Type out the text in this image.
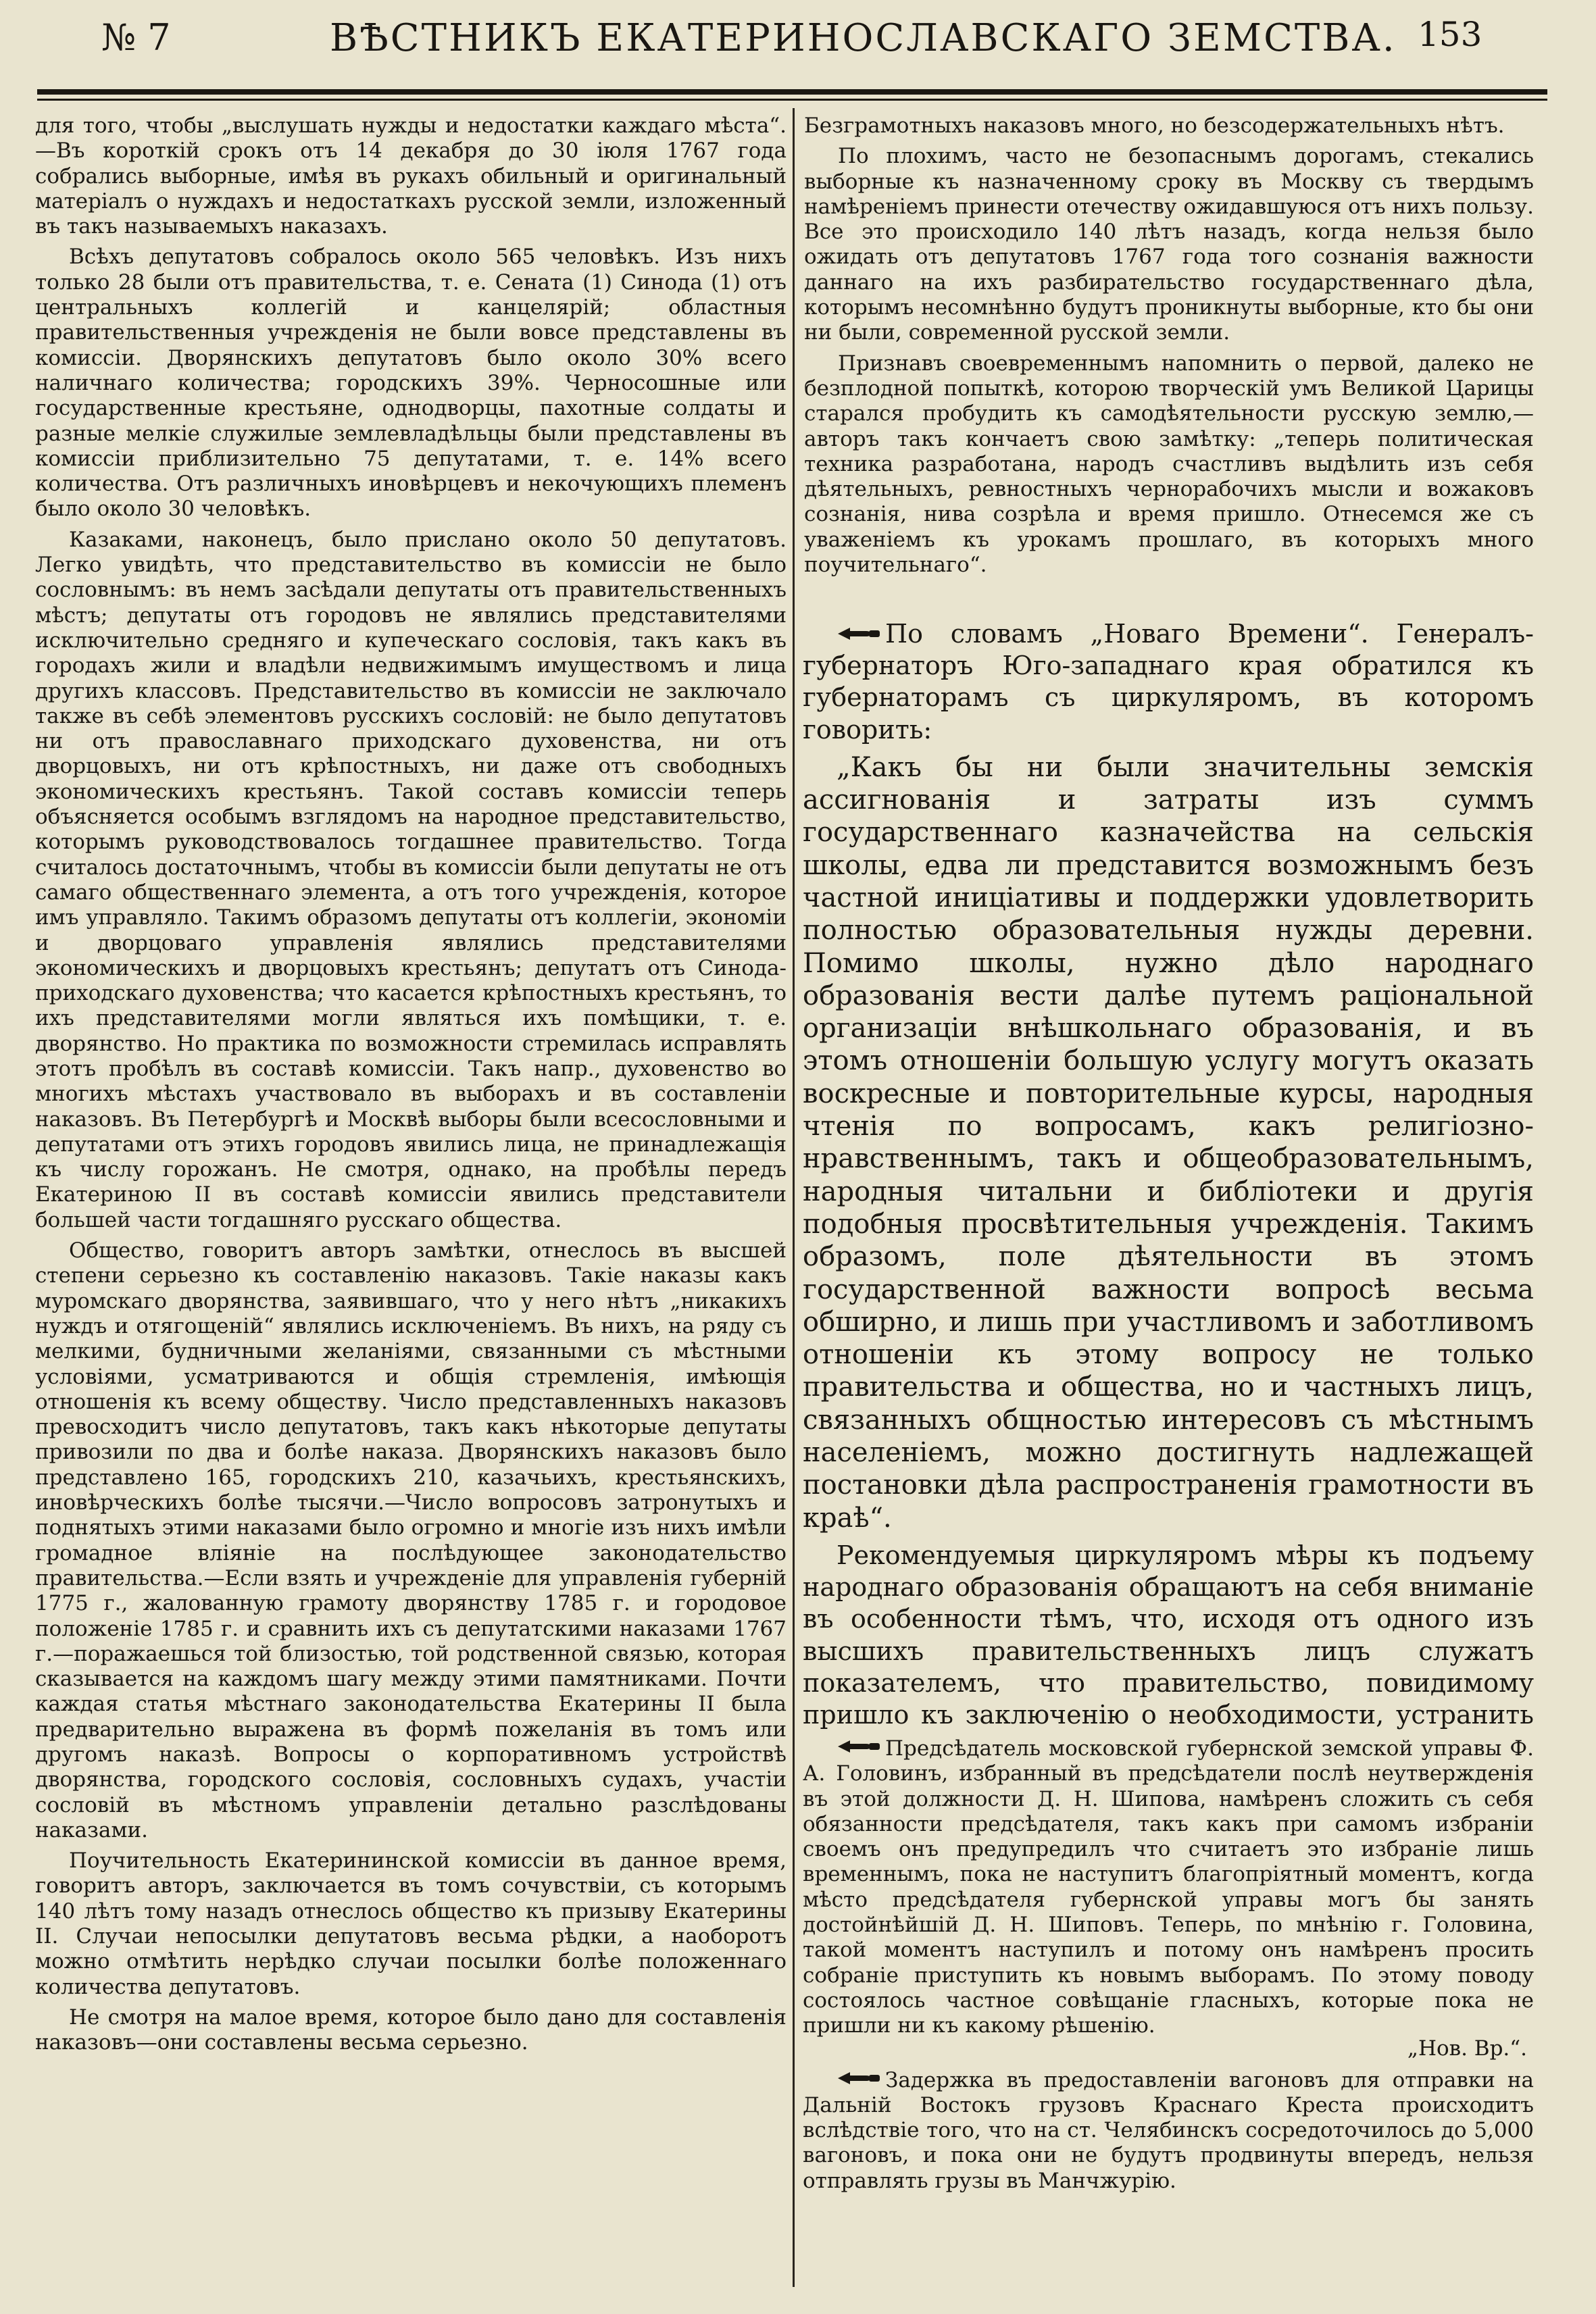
№ 7	ВѢСТНИКЪ ЕКАТЕРИНОСЛАВСКАГО ЗЕМСТВА. 153

для того, чтобы „выслушать нужды и недостатки каждаго мѣста“.—Въ короткій срокъ отъ 14 декабря до 30 іюля 1767 года собрались выборные, имѣя въ рукахъ обильный и оригинальный матеріалъ о нуждахъ и недостаткахъ русской земли, изложенный въ такъ называемыхъ наказахъ.

Всѣхъ депутатовъ собралось около 565 человѣкъ. Изъ нихъ только 28 были отъ правительства, т. е. Сената (1) Синода (1) отъ центральныхъ коллегій и канцелярій; областныя правительственныя учрежденія не были вовсе представлены въ комиссіи. Дворянскихъ депутатовъ было около 30% всего наличнаго количества; городскихъ 39%. Черносошные или государственные крестьяне, однодворцы, пахотные солдаты и разные мелкіе служилые землевладѣльцы были представлены въ комиссіи приблизительно 75 депутатами, т. е. 14% всего количества. Отъ различныхъ иновѣрцевъ и некочующихъ племенъ было около 30 человѣкъ.

Казаками, наконецъ, было прислано около 50 депутатовъ. Легко увидѣть, что представительство въ комиссіи не было сословнымъ: въ немъ засѣдали депутаты отъ правительственныхъ мѣстъ; депутаты отъ городовъ не являлись представителями исключительно средняго и купеческаго сословія, такъ какъ въ городахъ жили и владѣли недвижимымъ имуществомъ и лица другихъ классовъ. Представительство въ комиссіи не заключало также въ себѣ элементовъ русскихъ сословій: не было депутатовъ ни отъ православнаго приходскаго духовенства, ни отъ дворцовыхъ, ни отъ крѣпостныхъ, ни даже отъ свободныхъ экономическихъ крестьянъ. Такой составъ комиссіи теперь объясняется особымъ взглядомъ на народное представительство, которымъ руководствовалось тогдашнее правительство. Тогда считалось достаточнымъ, чтобы въ комиссіи были депутаты не отъ самаго общественнаго элемента, а отъ того учрежденія, которое имъ управляло. Такимъ образомъ депутаты отъ коллегіи, экономіи и дворцоваго управленія являлись представителями экономическихъ и дворцовыхъ крестьянъ; депутатъ отъ Синода-приходскаго духовенства; что касается крѣпостныхъ крестьянъ, то ихъ представителями могли являться ихъ помѣщики, т. е. дворянство. Но практика по возможности стремилась исправлять этотъ пробѣлъ въ составѣ комиссіи. Такъ напр., духовенство во многихъ мѣстахъ участвовало въ выборахъ и въ составленіи наказовъ. Въ Петербургѣ и Москвѣ выборы были всесословными и депутатами отъ этихъ городовъ явились лица, не принадлежащія къ числу горожанъ. Не смотря, однако, на пробѣлы передъ Екатериною II въ составѣ комиссіи явились представители большей части тогдашняго русскаго общества.

Общество, говоритъ авторъ замѣтки, отнеслось въ высшей степени серьезно къ составленію наказовъ. Такіе наказы какъ муромскаго дворянства, заявившаго, что у него нѣтъ „никакихъ нуждъ и отягощеній“ являлись исключеніемъ. Въ нихъ, на ряду съ мелкими, будничными желаніями, связанными съ мѣстными условіями, усматриваются и общія стремленія, имѣющія отношенія къ всему обществу. Число представленныхъ наказовъ превосходитъ число депутатовъ, такъ какъ нѣкоторые депутаты привозили по два и болѣе наказа. Дворянскихъ наказовъ было представлено 165, городскихъ 210, казачьихъ, крестьянскихъ, иновѣрческихъ болѣе тысячи.—Число вопросовъ затронутыхъ и поднятыхъ этими наказами было огромно и многіе изъ нихъ имѣли громадное вліяніе на послѣдующее законодательство правительства.—Если взять и учрежденіе для управленія губерній 1775 г., жалованную грамоту дворянству 1785 г. и городовое положеніе 1785 г. и сравнить ихъ съ депутатскими наказами 1767 г.—поражаешься той близостью, той родственной связью, которая сказывается на каждомъ шагу между этими памятниками. Почти каждая статья мѣстнаго законодательства Екатерины II была предварительно выражена въ формѣ пожеланія въ томъ или другомъ наказѣ. Вопросы о корпоративномъ устройствѣ дворянства, городского сословія, сословныхъ судахъ, участіи сословій въ мѣстномъ управленіи детально разслѣдованы наказами.

Поучительность Екатерининской комиссіи въ данное время, говоритъ авторъ, заключается въ томъ сочувствіи, съ которымъ 140 лѣтъ тому назадъ отнеслось общество къ призыву Екатерины II. Случаи непосылки депутатовъ весьма рѣдки, а наоборотъ можно отмѣтить нерѣдко случаи посылки болѣе положеннаго количества депутатовъ.

Не смотря на малое время, которое было дано для составленія наказовъ—они составлены весьма серьезно.

Безграмотныхъ наказовъ много, но безсодержательныхъ нѣтъ.

По плохимъ, часто не безопаснымъ дорогамъ, стекались выборные къ назначенному сроку въ Москву съ твердымъ намѣреніемъ принести отечеству ожидавшуюся отъ нихъ пользу. Все это происходило 140 лѣтъ назадъ, когда нельзя было ожидать отъ депутатовъ 1767 года того сознанія важности даннаго на ихъ разбирательство государственнаго дѣла, которымъ несомнѣнно будутъ проникнуты выборные, кто бы они ни были, современной русской земли.

Признавъ своевременнымъ напомнить о первой, далеко не безплодной попыткѣ, которою творческій умъ Великой Царицы старался пробудить къ самодѣятельности русскую землю,—авторъ такъ кончаетъ свою замѣтку: „теперь политическая техника разработана, народъ счастливъ выдѣлить изъ себя дѣятельныхъ, ревностныхъ чернорабочихъ мысли и вожаковъ сознанія, нива созрѣла и время пришло. Отнесемся же съ уваженіемъ къ урокамъ прошлаго, въ которыхъ много поучительнаго“.

По словамъ „Новаго Времени“. Генералъ-губернаторъ Юго-западнаго края обратился къ губернаторамъ съ циркуляромъ, въ которомъ говорить:

„Какъ бы ни были значительны земскія ассигнованія и затраты изъ суммъ государственнаго казначейства на сельскія школы, едва ли представится возможнымъ безъ частной иниціативы и поддержки удовлетворить полностью образовательныя нужды деревни. Помимо школы, нужно дѣло народнаго образованія вести далѣе путемъ раціональной организаціи внѣшкольнаго образованія, и въ этомъ отношеніи большую услугу могутъ оказать воскресные и повторительные курсы, народныя чтенія по вопросамъ, какъ религіозно-нравственнымъ, такъ и общеобразовательнымъ, народныя читальни и библіотеки и другія подобныя просвѣтительныя учрежденія. Такимъ образомъ, поле дѣятельности въ этомъ государственной важности вопросѣ весьма обширно, и лишь при участливомъ и заботливомъ отношеніи къ этому вопросу не только правительства и общества, но и частныхъ лицъ, связанныхъ общностью интересовъ съ мѣстнымъ населеніемъ, можно достигнуть надлежащей постановки дѣла распространенія грамотности въ краѣ“.

Рекомендуемыя циркуляромъ мѣры къ подъему народнаго образованія обращаютъ на себя вниманіе въ особенности тѣмъ, что, исходя отъ одного изъ высшихъ правительственныхъ лицъ служатъ показателемъ, что правительство, повидимому пришло къ заключенію о необходимости, устранить

Предсѣдатель московской губернской земской управы Ф. А. Головинъ, избранный въ предсѣдатели послѣ неутвержденія въ этой должности Д. Н. Шипова, намѣренъ сложить съ себя обязанности предсѣдателя, такъ какъ при самомъ избраніи своемъ онъ предупредилъ что считаетъ это избраніе лишь временнымъ, пока не наступитъ благопріятный моментъ, когда мѣсто предсѣдателя губернской управы могъ бы занять достойнѣйшій Д. Н. Шиповъ. Теперь, по мнѣнію г. Головина, такой моментъ наступилъ и потому онъ намѣренъ просить собраніе приступить къ новымъ выборамъ. По этому поводу состоялось частное совѣщаніе гласныхъ, которые пока не пришли ни къ какому рѣшенію.

„Нов. Вр.“.

Задержка въ предоставленіи вагоновъ для отправки на Дальній Востокъ грузовъ Краснаго Креста происходитъ вслѣдствіе того, что на ст. Челябинскъ сосредоточилось до 5,000 вагоновъ, и пока они не будутъ продвинуты впередъ, нельзя отправлять грузы въ Манчжурію.
